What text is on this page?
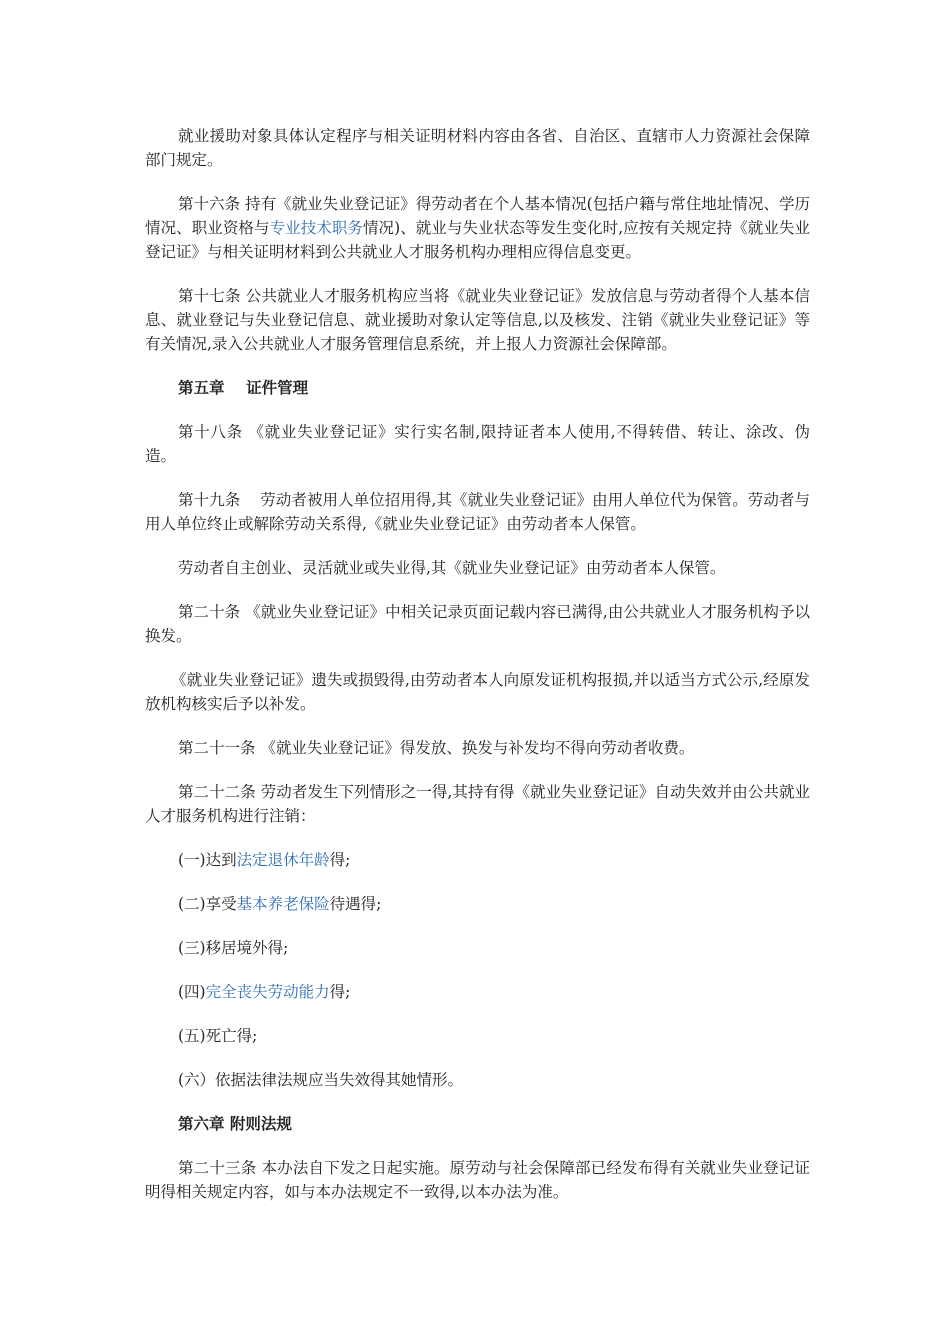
就业援助对象具体认定程序与相关证明材料内容由各省、自治区、直辖市人力资源社会保障部门规定。

第十六条 持有《就业失业登记证》得劳动者在个人基本情况(包括户籍与常住地址情况、学历情况、职业资格与专业技术职务情况)、就业与失业状态等发生变化时,应按有关规定持《就业失业登记证》与相关证明材料到公共就业人才服务机构办理相应得信息变更。

第十七条 公共就业人才服务机构应当将《就业失业登记证》发放信息与劳动者得个人基本信息、就业登记与失业登记信息、就业援助对象认定等信息,以及核发、注销《就业失业登记证》等有关情况,录入公共就业人才服务管理信息系统，并上报人力资源社会保障部。

第五章    证件管理

第十八条 《就业失业登记证》实行实名制,限持证者本人使用,不得转借、转让、涂改、伪造。

第十九条    劳动者被用人单位招用得,其《就业失业登记证》由用人单位代为保管。劳动者与用人单位终止或解除劳动关系得,《就业失业登记证》由劳动者本人保管。

劳动者自主创业、灵活就业或失业得,其《就业失业登记证》由劳动者本人保管。

第二十条 《就业失业登记证》中相关记录页面记载内容已满得,由公共就业人才服务机构予以换发。

《就业失业登记证》遗失或损毁得,由劳动者本人向原发证机构报损,并以适当方式公示,经原发放机构核实后予以补发。

第二十一条 《就业失业登记证》得发放、换发与补发均不得向劳动者收费。

第二十二条 劳动者发生下列情形之一得,其持有得《就业失业登记证》自动失效并由公共就业人才服务机构进行注销：

(一)达到法定退休年龄得;

(二)享受基本养老保险待遇得;

(三)移居境外得;

(四)完全丧失劳动能力得;

(五)死亡得;

(六）依据法律法规应当失效得其她情形。

第六章 附则法规

第二十三条 本办法自下发之日起实施。原劳动与社会保障部已经发布得有关就业失业登记证明得相关规定内容，如与本办法规定不一致得,以本办法为准。
